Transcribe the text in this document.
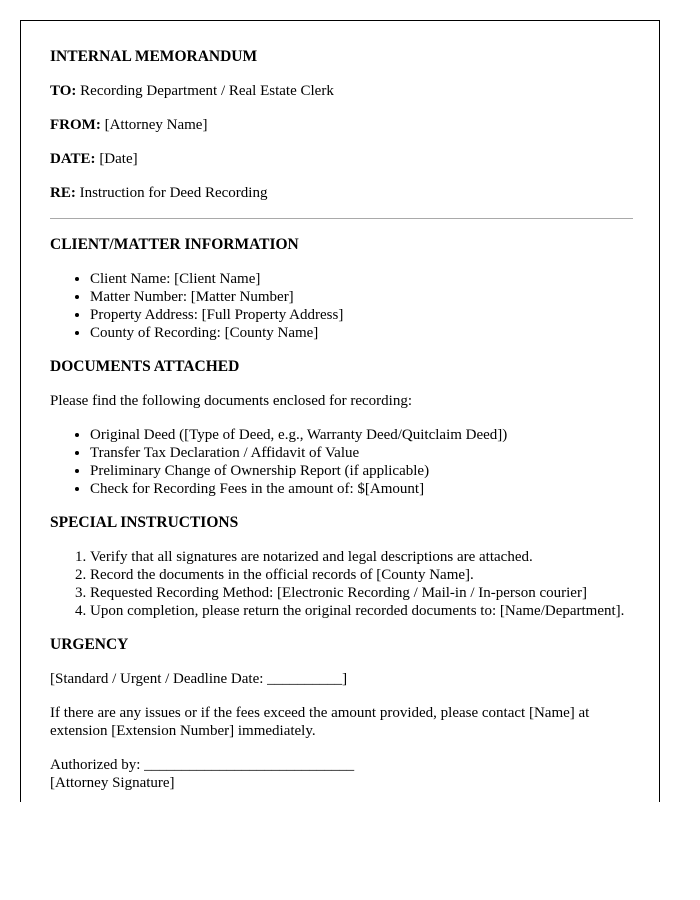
INTERNAL MEMORANDUM
TO: Recording Department / Real Estate Clerk
FROM: [Attorney Name]
DATE: [Date]
RE: Instruction for Deed Recording
CLIENT/MATTER INFORMATION
• Client Name: [Client Name]
• Matter Number: [Matter Number]
• Property Address: [Full Property Address]
• County of Recording: [County Name]
DOCUMENTS ATTACHED
Please find the following documents enclosed for recording:
• Original Deed ([Type of Deed, e.g., Warranty Deed/Quitclaim Deed])
• Transfer Tax Declaration / Affidavit of Value
• Preliminary Change of Ownership Report (if applicable)
• Check for Recording Fees in the amount of: $[Amount]
SPECIAL INSTRUCTIONS
1. Verify that all signatures are notarized and legal descriptions are attached.
2. Record the documents in the official records of [County Name].
3. Requested Recording Method: [Electronic Recording / Mail-in / In-person courier]
4. Upon completion, please return the original recorded documents to: [Name/Department].
URGENCY
[Standard / Urgent / Deadline Date: __________]
If there are any issues or if the fees exceed the amount provided, please contact [Name] at extension [Extension Number] immediately.
Authorized by: ____________________________
[Attorney Signature]
